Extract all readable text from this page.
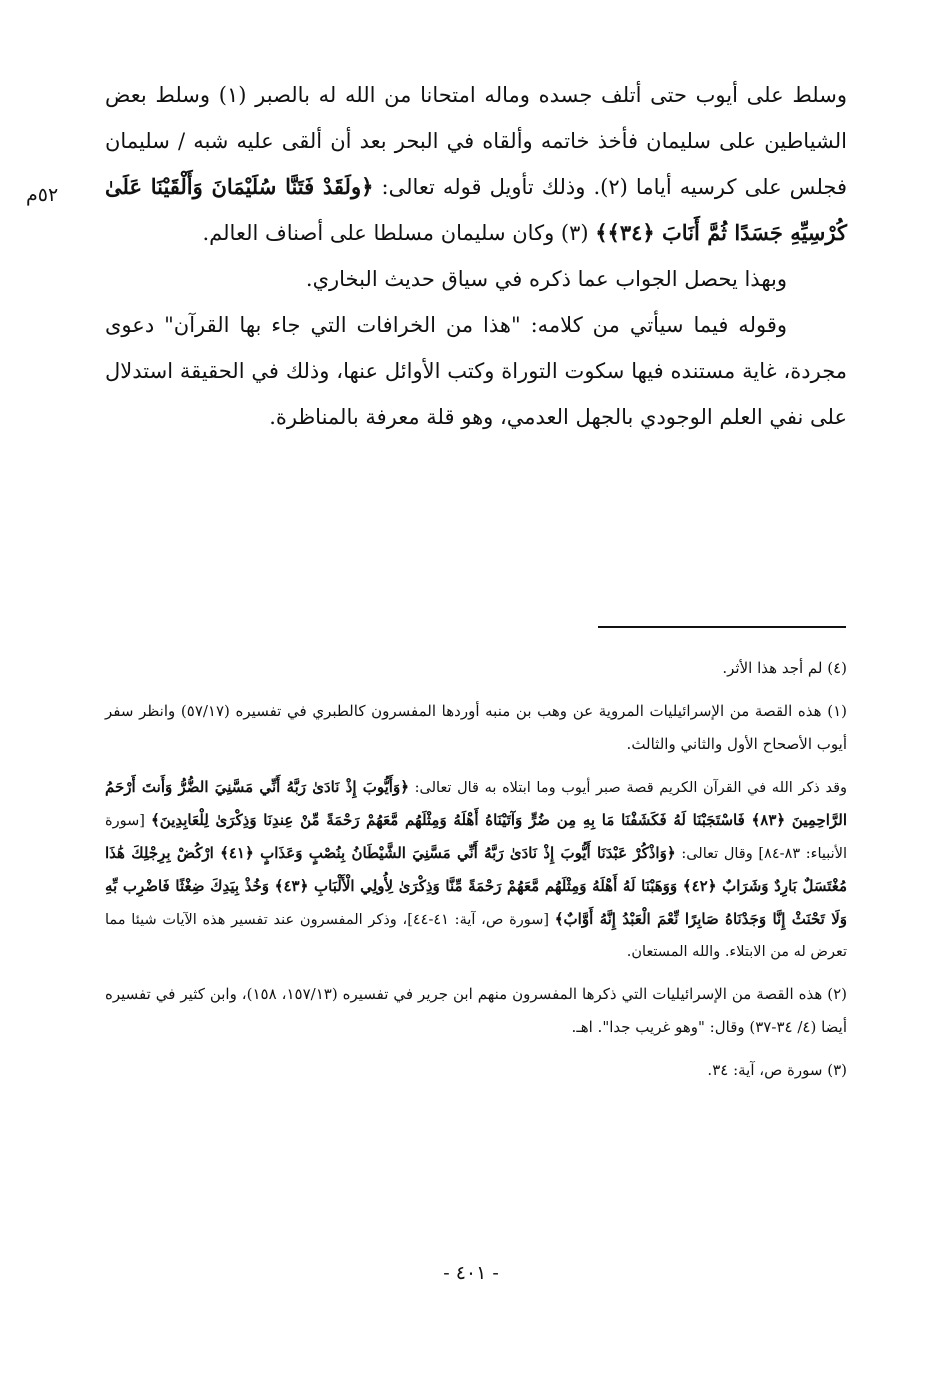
٥٢م

وسلط على أيوب حتى أتلف جسده وماله امتحانا من الله له بالصبر (١) وسلط بعض الشياطين على سليمان فأخذ خاتمه وألقاه في البحر بعد أن ألقى عليه شبه / سليمان فجلس على كرسيه أياما (٢). وذلك تأويل قوله تعالى: ﴿ولَقَدْ فَتَنَّا سُلَيْمَانَ وَأَلْقَيْنَا عَلَىٰ كُرْسِيِّهِ جَسَدًا ثُمَّ أَنَابَ ﴿٣٤﴾﴾ (٣) وكان سليمان مسلطا على أصناف العالم.

وبهذا يحصل الجواب عما ذكره في سياق حديث البخاري.

وقوله فيما سيأتي من كلامه: "هذا من الخرافات التي جاء بها القرآن" دعوى مجردة، غاية مستنده فيها سكوت التوراة وكتب الأوائل عنها، وذلك في الحقيقة استدلال على نفي العلم الوجودي بالجهل العدمي، وهو قلة معرفة بالمناظرة.

(٤) لم أجد هذا الأثر.

(١) هذه القصة من الإسرائيليات المروية عن وهب بن منبه أوردها المفسرون كالطبري في تفسيره (٥٧/١٧) وانظر سفر أيوب الأصحاح الأول والثاني والثالث.

وقد ذكر الله في القرآن الكريم قصة صبر أيوب وما ابتلاه به قال تعالى: ﴿وَأَيُّوبَ إِذْ نَادَىٰ رَبَّهُ أَنِّي مَسَّنِيَ الضُّرُّ وَأَنتَ أَرْحَمُ الرَّاحِمِينَ ﴿٨٣﴾ فَاسْتَجَبْنَا لَهُ فَكَشَفْنَا مَا بِهِ مِن ضُرٍّ وَآتَيْنَاهُ أَهْلَهُ وَمِثْلَهُم مَّعَهُمْ رَحْمَةً مِّنْ عِندِنَا وَذِكْرَىٰ لِلْعَابِدِينَ﴾ [سورة الأنبياء: ٨٣-٨٤] وقال تعالى: ﴿وَاذْكُرْ عَبْدَنَا أَيُّوبَ إِذْ نَادَىٰ رَبَّهُ أَنِّي مَسَّنِيَ الشَّيْطَانُ بِنُصْبٍ وَعَذَابٍ ﴿٤١﴾ ارْكُضْ بِرِجْلِكَ هَٰذَا مُغْتَسَلٌ بَارِدٌ وَشَرَابٌ ﴿٤٢﴾ وَوَهَبْنَا لَهُ أَهْلَهُ وَمِثْلَهُم مَّعَهُمْ رَحْمَةً مِّنَّا وَذِكْرَىٰ لِأُولِي الْأَلْبَابِ ﴿٤٣﴾ وَخُذْ بِيَدِكَ ضِغْثًا فَاضْرِب بِّهِ وَلَا تَحْنَثْ إِنَّا وَجَدْنَاهُ صَابِرًا نِّعْمَ الْعَبْدُ إِنَّهُ أَوَّابٌ﴾ [سورة ص، آية: ٤١-٤٤]، وذكر المفسرون عند تفسير هذه الآيات شيئا مما تعرض له من الابتلاء. والله المستعان.

(٢) هذه القصة من الإسرائيليات التي ذكرها المفسرون منهم ابن جرير في تفسيره (١٥٧/١٣، ١٥٨)، وابن كثير في تفسيره أيضا (٤/ ٣٤-٣٧) وقال: "وهو غريب جدا". اهـ.

(٣) سورة ص، آية: ٣٤.

- ٤٠١ -
